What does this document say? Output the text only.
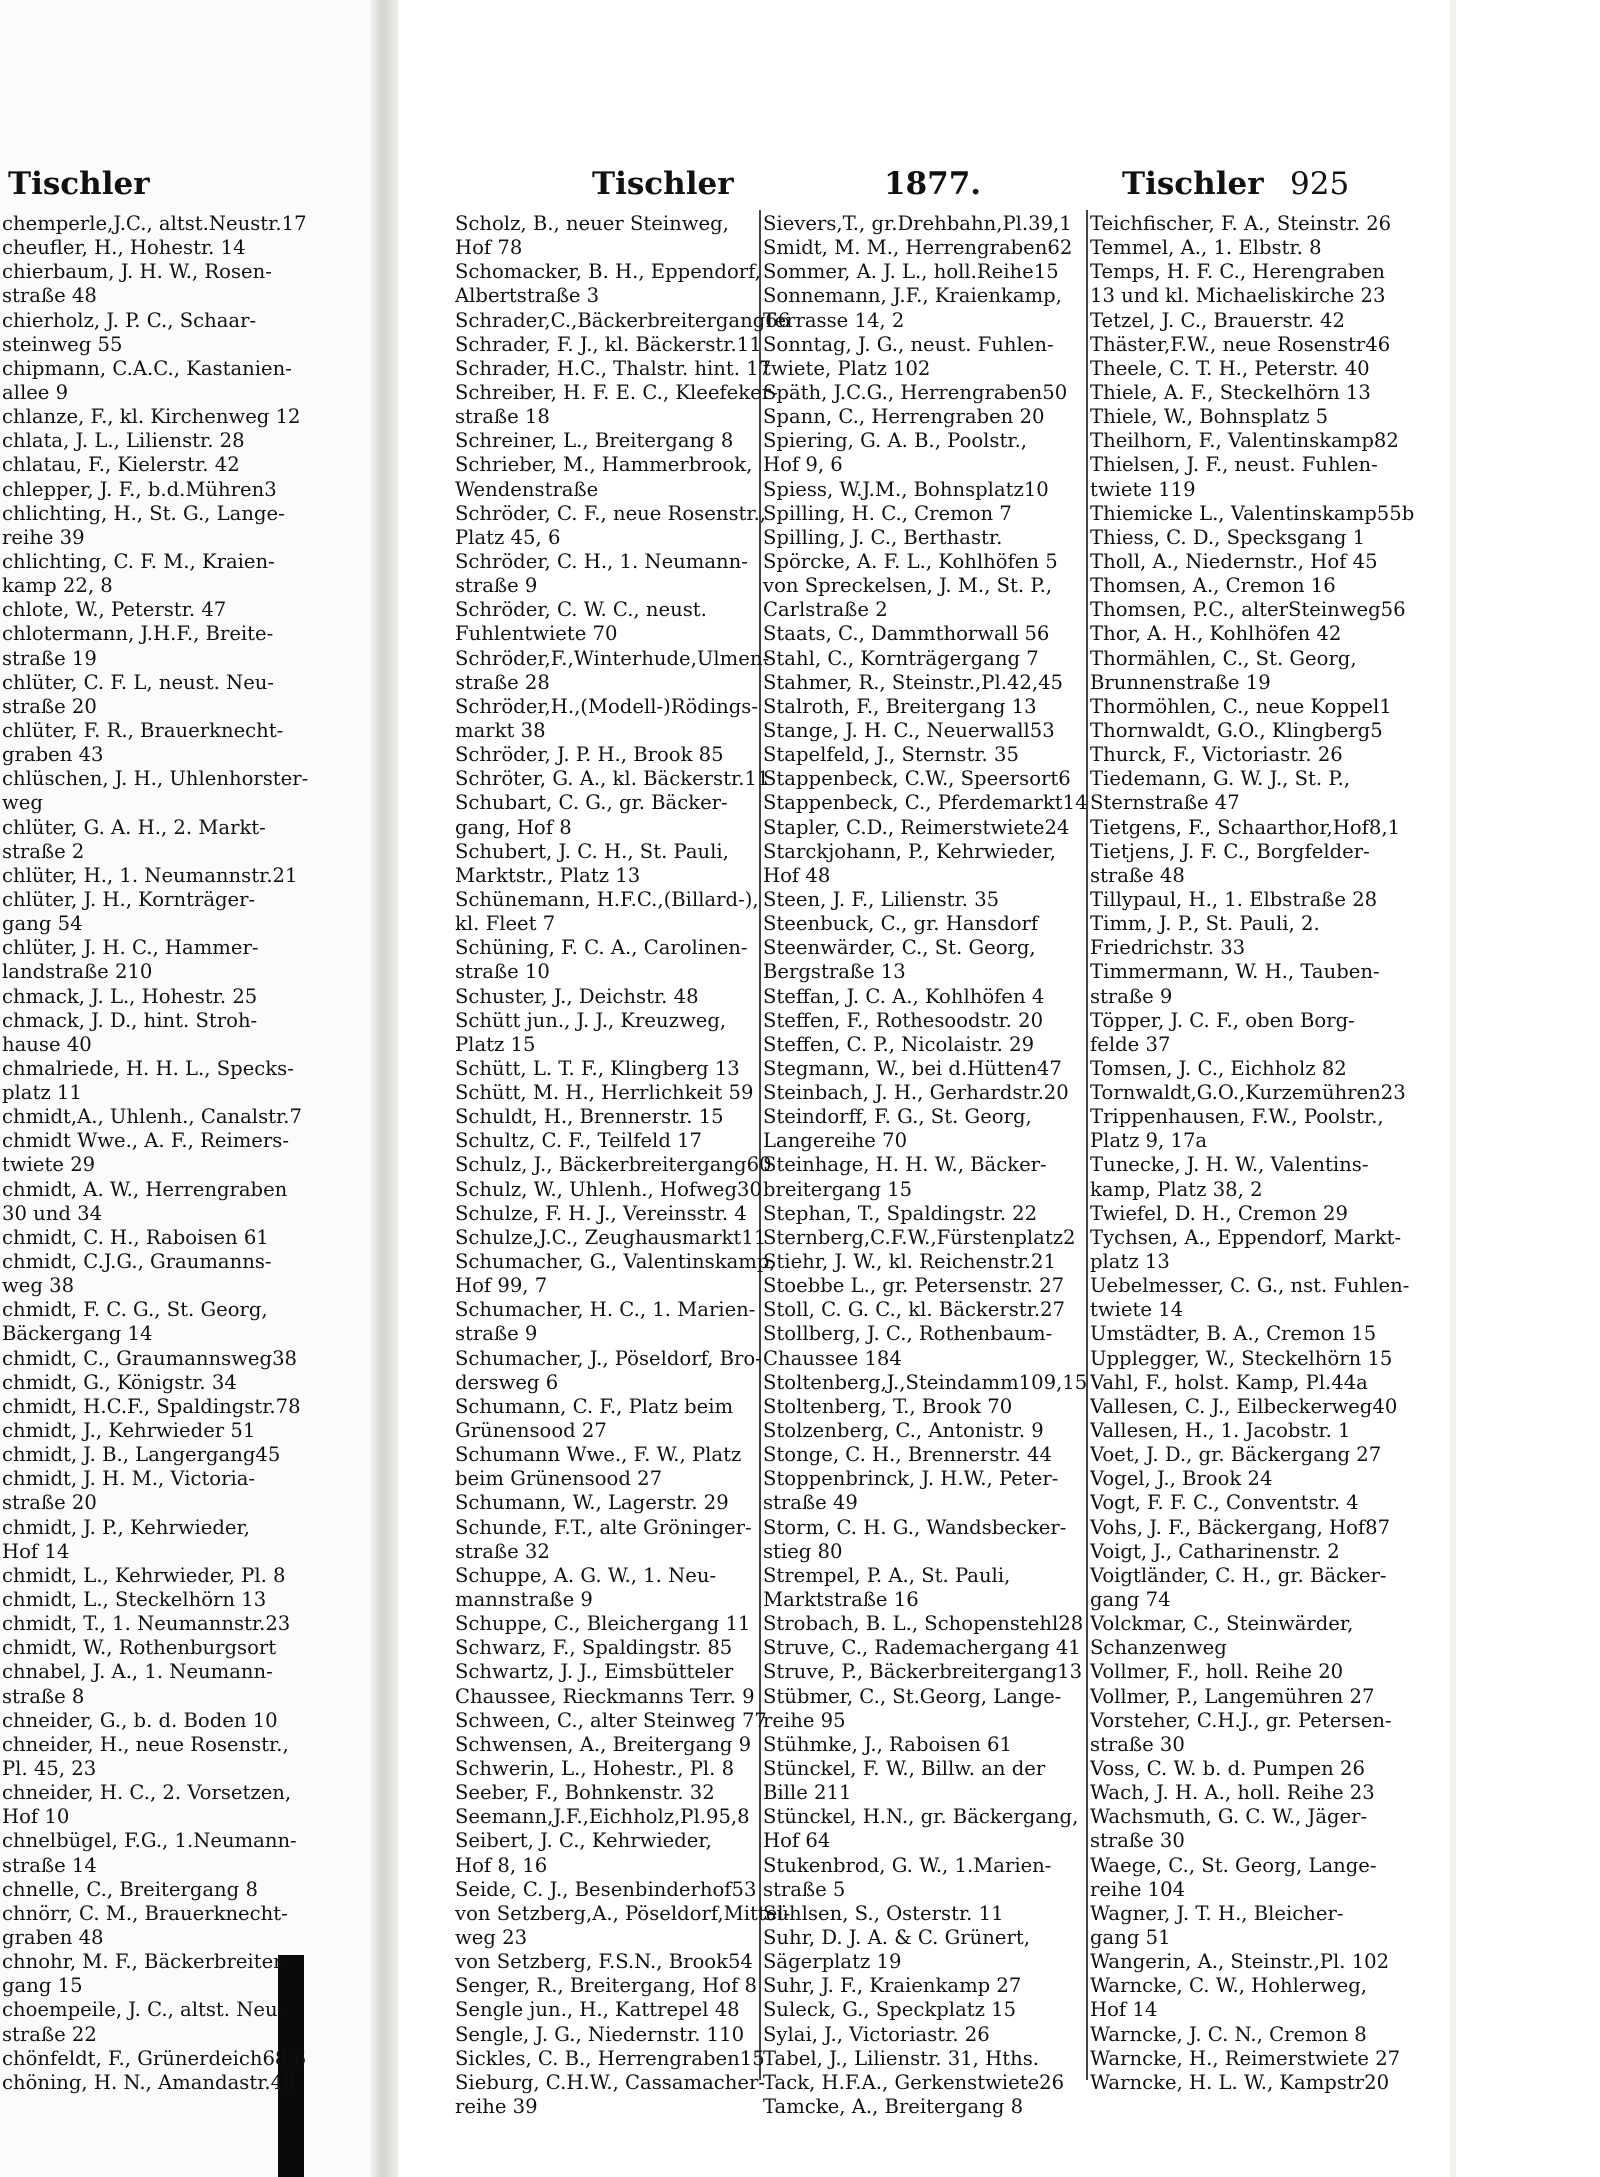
Tischler	Tischler	1877.	Tischler 925
chemperle,J.C., altst.Neustr.17
cheufler, H., Hohestr. 14
chierbaum, J. H. W., Rosen-
straße 48
chierholz, J. P. C., Schaar-
steinweg 55
chipmann, C.A.C., Kastanien-
allee 9
chlanze, F., kl. Kirchenweg 12
chlata, J. L., Lilienstr. 28
chlatau, F., Kielerstr. 42
chlepper, J. F., b.d.Mühren3
chlichting, H., St. G., Lange-
reihe 39
chlichting, C. F. M., Kraien-
kamp 22, 8
chlote, W., Peterstr. 47
chlotermann, J.H.F., Breite-
straße 19
chlüter, C. F. L, neust. Neu-
straße 20
chlüter, F. R., Brauerknecht-
graben 43
chlüschen, J. H., Uhlenhorster-
weg
chlüter, G. A. H., 2. Markt-
straße 2
chlüter, H., 1. Neumannstr.21
chlüter, J. H., Kornträger-
gang 54
chlüter, J. H. C., Hammer-
landstraße 210
chmack, J. L., Hohestr. 25
chmack, J. D., hint. Stroh-
hause 40
chmalriede, H. H. L., Specks-
platz 11
chmidt,A., Uhlenh., Canalstr.7
chmidt Wwe., A. F., Reimers-
twiete 29
chmidt, A. W., Herrengraben
30 und 34
chmidt, C. H., Raboisen 61
chmidt, C.J.G., Graumanns-
weg 38
chmidt, F. C. G., St. Georg,
Bäckergang 14
chmidt, C., Graumannsweg38
chmidt, G., Königstr. 34
chmidt, H.C.F., Spaldingstr.78
chmidt, J., Kehrwieder 51
chmidt, J. B., Langergang45
chmidt, J. H. M., Victoria-
straße 20
chmidt, J. P., Kehrwieder,
Hof 14
chmidt, L., Kehrwieder, Pl. 8
chmidt, L., Steckelhörn 13
chmidt, T., 1. Neumannstr.23
chmidt, W., Rothenburgsort
chnabel, J. A., 1. Neumann-
straße 8
chneider, G., b. d. Boden 10
chneider, H., neue Rosenstr.,
Pl. 45, 23
chneider, H. C., 2. Vorsetzen,
Hof 10
chnelbügel, F.G., 1.Neumann-
straße 14
chnelle, C., Breitergang 8
chnörr, C. M., Brauerknecht-
graben 48
chnohr, M. F., Bäckerbreiter-
gang 15
choempeile, J. C., altst. Neu-
straße 22
chönfeldt, F., Grünerdeich68,6
chöning, H. N., Amandastr.48
Scholz, B., neuer Steinweg,
Hof 78
Schomacker, B. H., Eppendorf,
Albertstraße 3
Schrader,C.,Bäckerbreitergang66
Schrader, F. J., kl. Bäckerstr.11
Schrader, H.C., Thalstr. hint. 17
Schreiber, H. F. E. C., Kleefeker-
straße 18
Schreiner, L., Breitergang 8
Schrieber, M., Hammerbrook,
Wendenstraße
Schröder, C. F., neue Rosenstr.,
Platz 45, 6
Schröder, C. H., 1. Neumann-
straße 9
Schröder, C. W. C., neust.
Fuhlentwiete 70
Schröder,F.,Winterhude,Ulmen-
straße 28
Schröder,H.,(Modell-)Rödings-
markt 38
Schröder, J. P. H., Brook 85
Schröter, G. A., kl. Bäckerstr.11
Schubart, C. G., gr. Bäcker-
gang, Hof 8
Schubert, J. C. H., St. Pauli,
Marktstr., Platz 13
Schünemann, H.F.C.,(Billard-),
kl. Fleet 7
Schüning, F. C. A., Carolinen-
straße 10
Schuster, J., Deichstr. 48
Schütt jun., J. J., Kreuzweg,
Platz 15
Schütt, L. T. F., Klingberg 13
Schütt, M. H., Herrlichkeit 59
Schuldt, H., Brennerstr. 15
Schultz, C. F., Teilfeld 17
Schulz, J., Bäckerbreitergang60
Schulz, W., Uhlenh., Hofweg30
Schulze, F. H. J., Vereinsstr. 4
Schulze,J.C., Zeughausmarkt11
Schumacher, G., Valentinskamp,
Hof 99, 7
Schumacher, H. C., 1. Marien-
straße 9
Schumacher, J., Pöseldorf, Bro-
dersweg 6
Schumann, C. F., Platz beim
Grünensood 27
Schumann Wwe., F. W., Platz
beim Grünensood 27
Schumann, W., Lagerstr. 29
Schunde, F.T., alte Gröninger-
straße 32
Schuppe, A. G. W., 1. Neu-
mannstraße 9
Schuppe, C., Bleichergang 11
Schwarz, F., Spaldingstr. 85
Schwartz, J. J., Eimsbütteler
Chaussee, Rieckmanns Terr. 9
Schween, C., alter Steinweg 77
Schwensen, A., Breitergang 9
Schwerin, L., Hohestr., Pl. 8
Seeber, F., Bohnkenstr. 32
Seemann,J.F.,Eichholz,Pl.95,8
Seibert, J. C., Kehrwieder,
Hof 8, 16
Seide, C. J., Besenbinderhof53
von Setzberg,A., Pöseldorf,Mittel-
weg 23
von Setzberg, F.S.N., Brook54
Senger, R., Breitergang, Hof 8
Sengle jun., H., Kattrepel 48
Sengle, J. G., Niedernstr. 110
Sickles, C. B., Herrengraben15
Sieburg, C.H.W., Cassamacher-
reihe 39
Sievers,T., gr.Drehbahn,Pl.39,1
Smidt, M. M., Herrengraben62
Sommer, A. J. L., holl.Reihe15
Sonnemann, J.F., Kraienkamp,
Terrasse 14, 2
Sonntag, J. G., neust. Fuhlen-
twiete, Platz 102
Späth, J.C.G., Herrengraben50
Spann, C., Herrengraben 20
Spiering, G. A. B., Poolstr.,
Hof 9, 6
Spiess, W.J.M., Bohnsplatz10
Spilling, H. C., Cremon 7
Spilling, J. C., Berthastr.
Spörcke, A. F. L., Kohlhöfen 5
von Spreckelsen, J. M., St. P.,
Carlstraße 2
Staats, C., Dammthorwall 56
Stahl, C., Kornträgergang 7
Stahmer, R., Steinstr.,Pl.42,45
Stalroth, F., Breitergang 13
Stange, J. H. C., Neuerwall53
Stapelfeld, J., Sternstr. 35
Stappenbeck, C.W., Speersort6
Stappenbeck, C., Pferdemarkt14
Stapler, C.D., Reimerstwiete24
Starckjohann, P., Kehrwieder,
Hof 48
Steen, J. F., Lilienstr. 35
Steenbuck, C., gr. Hansdorf
Steenwärder, C., St. Georg,
Bergstraße 13
Steffan, J. C. A., Kohlhöfen 4
Steffen, F., Rothesoodstr. 20
Steffen, C. P., Nicolaistr. 29
Stegmann, W., bei d.Hütten47
Steinbach, J. H., Gerhardstr.20
Steindorff, F. G., St. Georg,
Langereihe 70
Steinhage, H. H. W., Bäcker-
breitergang 15
Stephan, T., Spaldingstr. 22
Sternberg,C.F.W.,Fürstenplatz2
Stiehr, J. W., kl. Reichenstr.21
Stoebbe L., gr. Petersenstr. 27
Stoll, C. G. C., kl. Bäckerstr.27
Stollberg, J. C., Rothenbaum-
Chaussee 184
Stoltenberg,J.,Steindamm109,15
Stoltenberg, T., Brook 70
Stolzenberg, C., Antonistr. 9
Stonge, C. H., Brennerstr. 44
Stoppenbrinck, J. H.W., Peter-
straße 49
Storm, C. H. G., Wandsbecker-
stieg 80
Strempel, P. A., St. Pauli,
Marktstraße 16
Strobach, B. L., Schopenstehl28
Struve, C., Rademachergang 41
Struve, P., Bäckerbreitergang13
Stübmer, C., St.Georg, Lange-
reihe 95
Stühmke, J., Raboisen 61
Stünckel, F. W., Billw. an der
Bille 211
Stünckel, H.N., gr. Bäckergang,
Hof 64
Stukenbrod, G. W., 1.Marien-
straße 5
Sühlsen, S., Osterstr. 11
Suhr, D. J. A. & C. Grünert,
Sägerplatz 19
Suhr, J. F., Kraienkamp 27
Suleck, G., Speckplatz 15
Sylai, J., Victoriastr. 26
Tabel, J., Lilienstr. 31, Hths.
Tack, H.F.A., Gerkenstwiete26
Tamcke, A., Breitergang 8
Teichfischer, F. A., Steinstr. 26
Temmel, A., 1. Elbstr. 8
Temps, H. F. C., Herengraben
13 und kl. Michaeliskirche 23
Tetzel, J. C., Brauerstr. 42
Thäster,F.W., neue Rosenstr46
Theele, C. T. H., Peterstr. 40
Thiele, A. F., Steckelhörn 13
Thiele, W., Bohnsplatz 5
Theilhorn, F., Valentinskamp82
Thielsen, J. F., neust. Fuhlen-
twiete 119
Thiemicke L., Valentinskamp55b
Thiess, C. D., Specksgang 1
Tholl, A., Niedernstr., Hof 45
Thomsen, A., Cremon 16
Thomsen, P.C., alterSteinweg56
Thor, A. H., Kohlhöfen 42
Thormählen, C., St. Georg,
Brunnenstraße 19
Thormöhlen, C., neue Koppel1
Thornwaldt, G.O., Klingberg5
Thurck, F., Victoriastr. 26
Tiedemann, G. W. J., St. P.,
Sternstraße 47
Tietgens, F., Schaarthor,Hof8,1
Tietjens, J. F. C., Borgfelder-
straße 48
Tillypaul, H., 1. Elbstraße 28
Timm, J. P., St. Pauli, 2.
Friedrichstr. 33
Timmermann, W. H., Tauben-
straße 9
Töpper, J. C. F., oben Borg-
felde 37
Tomsen, J. C., Eichholz 82
Tornwaldt,G.O.,Kurzemühren23
Trippenhausen, F.W., Poolstr.,
Platz 9, 17a
Tunecke, J. H. W., Valentins-
kamp, Platz 38, 2
Twiefel, D. H., Cremon 29
Tychsen, A., Eppendorf, Markt-
platz 13
Uebelmesser, C. G., nst. Fuhlen-
twiete 14
Umstädter, B. A., Cremon 15
Upplegger, W., Steckelhörn 15
Vahl, F., holst. Kamp, Pl.44a
Vallesen, C. J., Eilbeckerweg40
Vallesen, H., 1. Jacobstr. 1
Voet, J. D., gr. Bäckergang 27
Vogel, J., Brook 24
Vogt, F. F. C., Conventstr. 4
Vohs, J. F., Bäckergang, Hof87
Voigt, J., Catharinenstr. 2
Voigtländer, C. H., gr. Bäcker-
gang 74
Volckmar, C., Steinwärder,
Schanzenweg
Vollmer, F., holl. Reihe 20
Vollmer, P., Langemühren 27
Vorsteher, C.H.J., gr. Petersen-
straße 30
Voss, C. W. b. d. Pumpen 26
Wach, J. H. A., holl. Reihe 23
Wachsmuth, G. C. W., Jäger-
straße 30
Waege, C., St. Georg, Lange-
reihe 104
Wagner, J. T. H., Bleicher-
gang 51
Wangerin, A., Steinstr.,Pl. 102
Warncke, C. W., Hohlerweg,
Hof 14
Warncke, J. C. N., Cremon 8
Warncke, H., Reimerstwiete 27
Warncke, H. L. W., Kampstr20
